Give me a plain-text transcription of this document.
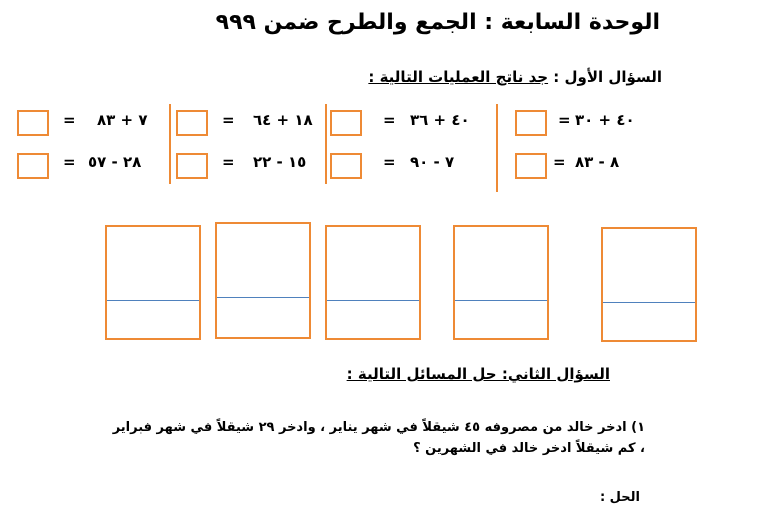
الوحدة السابعة : الجمع والطرح ضمن ٩٩٩
السؤال الأول : جد ناتج العمليات التالية :
٤٠ + ٣٠
=
٤٠ + ٣٦
=
١٨ + ٦٤
=
٧ + ٨٣
=
٨ - ٨٣
=
٧ - ٩٠
=
١٥ - ٢٢
=
٢٨ - ٥٧
=
السؤال الثاني: حل المسائل التالية :
١) ادخر خالد من مصروفه ٤٥ شيقلاً في شهر يناير ، وادخر ٢٩ شيقلاً في شهر فبراير
، كم شيقلاً ادخر خالد في الشهرين ؟
الحل :
